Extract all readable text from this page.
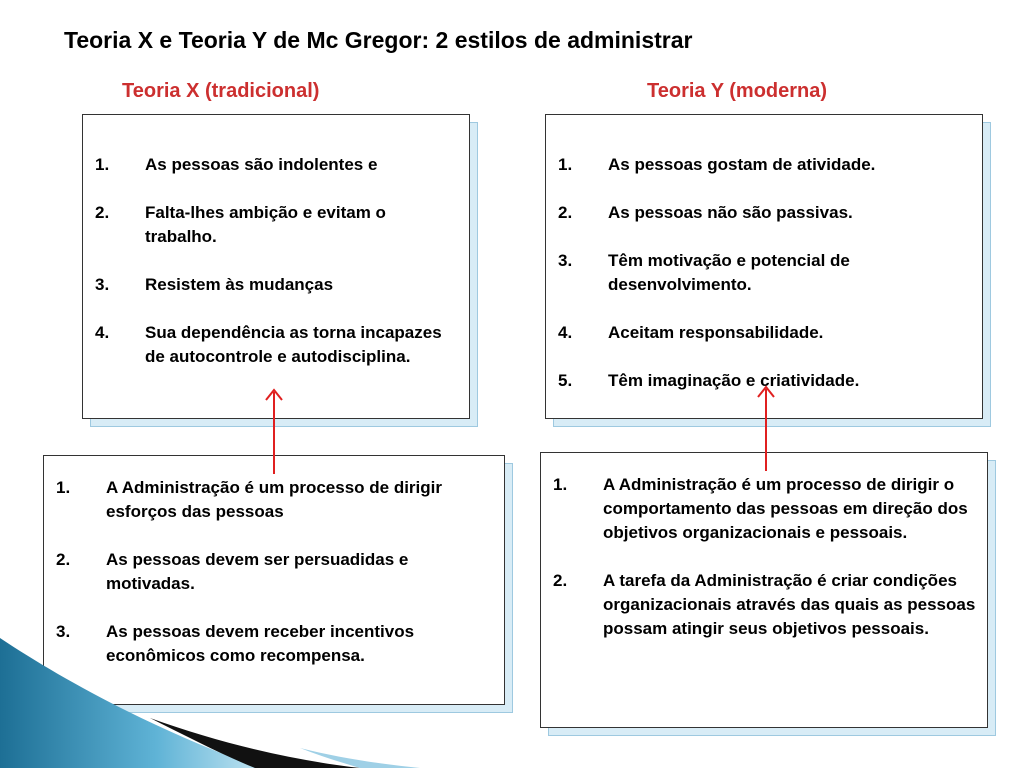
Teoria X e Teoria Y de Mc Gregor: 2 estilos de administrar
Teoria X (tradicional)	Teoria Y (moderna)
1. As pessoas são indolentes e
2. Falta-lhes ambição e evitam o trabalho.
3. Resistem às mudanças
4. Sua dependência as torna incapazes de autocontrole e autodisciplina.
1. As pessoas gostam de atividade.
2. As pessoas não são passivas.
3. Têm motivação e potencial de desenvolvimento.
4. Aceitam responsabilidade.
5. Têm imaginação e criatividade.
1. A Administração é um processo de dirigir esforços das pessoas
2. As pessoas devem ser persuadidas e motivadas.
3. As pessoas devem receber incentivos econômicos como recompensa.
1. A Administração é um processo de dirigir o comportamento das pessoas em direção dos objetivos organizacionais e pessoais.
2. A tarefa da Administração é criar condições organizacionais através das quais as pessoas possam atingir seus objetivos pessoais.
